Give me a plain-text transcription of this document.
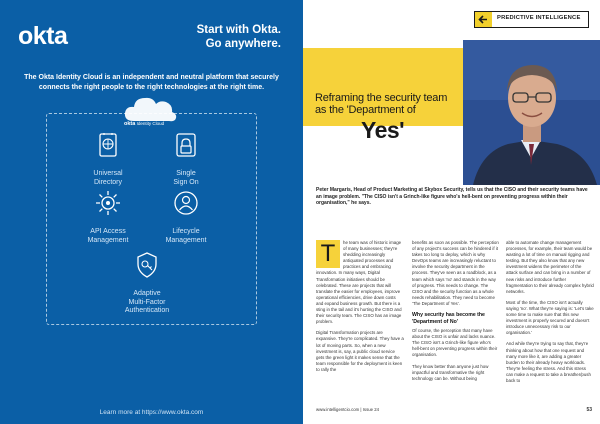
okta	Start with Okta.
Go anywhere.
The Okta Identity Cloud is an independent and neutral platform that securely connects the right people to the right technologies at the right time.
okta Identity Cloud
Universal
Directory
Single
Sign On
API Access
Management
Lifecycle
Management
Adaptive
Multi-Factor
Authentication
Learn more at https://www.okta.com
PREDICTIVE INTELLIGENCE
Reframing the security team
as the 'Department of
Yes'
Peter Margaris, Head of Product Marketing at Skybox Security, tells us that the CISO and their security teams have an image problem. "The CISO isn't a Grinch-like figure who's hell-bent on preventing progress within their organisation," he says.

T	he team was of historic image of many businesses; they're shedding increasingly antiquated processes and practices and embracing innovation. In many ways, Digital Transformation initiatives should be celebrated. These are projects that will translate the easier for employees, improve operational efficiencies, drive down costs and expand business growth. But there is a sting in the tail and it's hurting the CISO and their security team. The CISO has an image problem.

Digital Transformation projects are expansive. They're complicated. They have a lot of moving parts. So, when a new investment is, say, a public cloud service gets the green light it makes sense that the team responsible for the deployment is keen to rally the

benefits as soon as possible. The perception of any project's success can be hindered if it takes too long to deploy, which is why DevOps teams are increasingly reluctant to involve the security department in the process. They've seen as a roadblock, as a team which says 'no' and stands in the way of progress. This needs to change. The CISO and the security function as a whole needs rehabilitation. They need to become 'The Department of Yes'.

Why security has become the 'Department of No'

Of course, the perception that many have about the CISO is unfair and lacks nuance. The CISO isn't a Grinch-like figure who's hell-bent on preventing progress within their organisation.

They know better than anyone just how impactful and transformative the right technology can be. Without being

able to automate change management processes, for example, their team would be wasting a lot of time on manual rigging and testing. But they also know that any new investment widens the perimeter of the attack surface and can bring in a number of new risks and introduce further fragmentation to their already complex hybrid networks.

Most of the time, the CISO isn't actually saying 'no'. What they're saying is: 'Let's take some time to make sure that this new investment is properly secured and doesn't introduce unnecessary risk to our organisation.'

And while they're trying to say that, they're thinking about how that one request and many more like it, are adding a greater burden to their already heavy workloads. They're feeling the stress. And this stress can make a request to take a breather/push back to

www.intelligentcio.com | Issue 24	53
